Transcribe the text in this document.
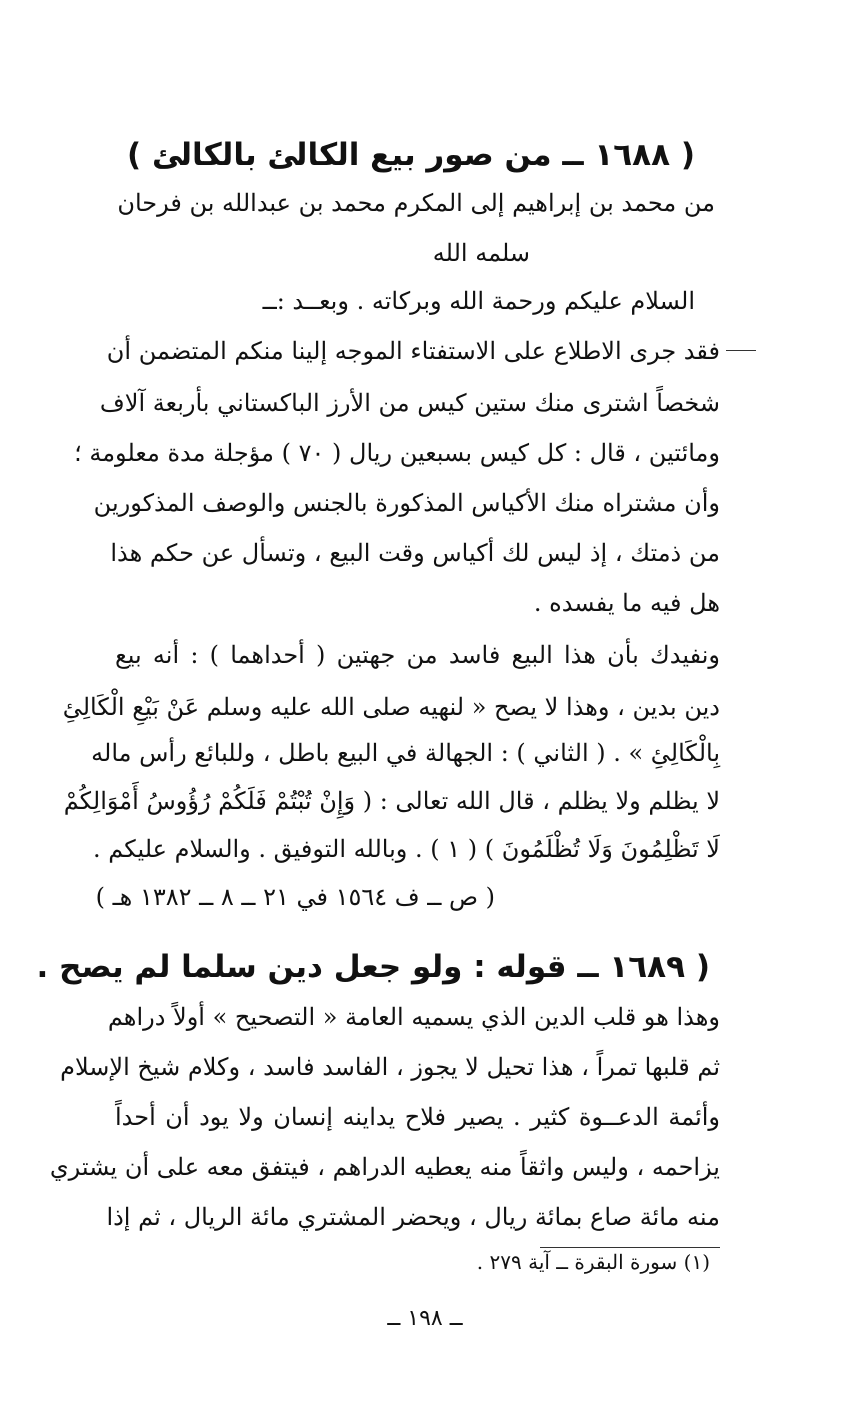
( ١٦٨٨ ــ من صور بيع الكالئ بالكالئ )
من محمد بن إبراهيم إلى المكرم محمد بن عبدالله بن فرحان
سلمه الله
السلام عليكم ورحمة الله وبركاته . وبعــد :ــ
فقد جرى الاطلاع على الاستفتاء الموجه إلينا منكم المتضمن أن
شخصاً اشترى منك ستين كيس من الأرز الباكستاني بأربعة آلاف
ومائتين ، قال : كل كيس بسبعين ريال ( ٧٠ ) مؤجلة مدة معلومة ؛
وأن مشتراه منك الأكياس المذكورة بالجنس والوصف المذكورين
من ذمتك ، إذ ليس لك أكياس وقت البيع ، وتسأل عن حكم هذا
هل فيه ما يفسده .
ونفيدك بأن هذا البيع فاسد من جهتين ( أحداهما ) : أنه بيع
دين بدين ، وهذا لا يصح « لنهيه صلى الله عليه وسلم عَنْ بَيْعِ الْكَالِئِ
بِالْكَالِئِ » . ( الثاني ) : الجهالة في البيع باطل ، وللبائع رأس ماله
لا يظلم ولا يظلم ، قال الله تعالى : ( وَإِنْ تُبْتُمْ فَلَكُمْ رُؤُوسُ أَمْوَالِكُمْ
لَا تَظْلِمُونَ وَلَا تُظْلَمُونَ ) ( ١ ) . وبالله التوفيق . والسلام عليكم .
( ص ــ ف ١٥٦٤ في ٢١ ــ ٨ ــ ١٣٨٢ هـ )
( ١٦٨٩ ــ قوله : ولو جعل دين سلما لم يصح .
وهذا هو قلب الدين الذي يسميه العامة « التصحيح » أولاً دراهم
ثم قلبها تمراً ، هذا تحيل لا يجوز ، الفاسد فاسد ، وكلام شيخ الإسلام
وأئمة الدعــوة كثير . يصير فلاح يداينه إنسان ولا يود أن أحداً
يزاحمه ، وليس واثقاً منه يعطيه الدراهم ، فيتفق معه على أن يشتري
منه مائة صاع بمائة ريال ، ويحضر المشتري مائة الريال ، ثم إذا
(١) سورة البقرة ــ آية ٢٧٩ .
ــ ١٩٨ ــ
